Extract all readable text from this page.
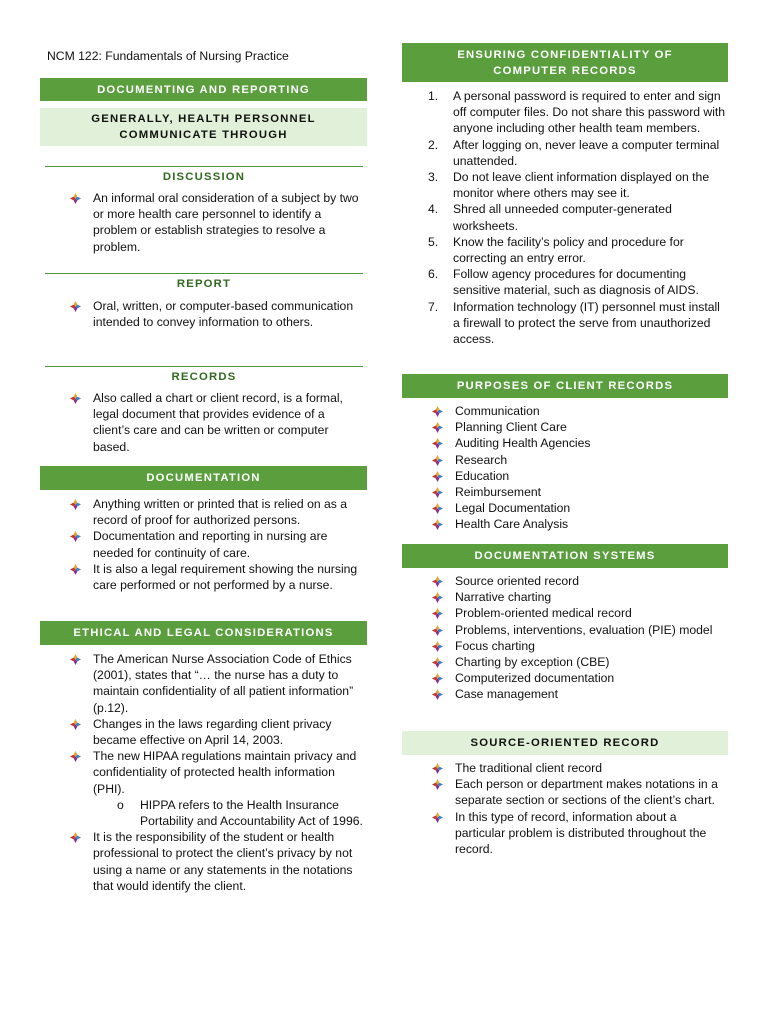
NCM 122: Fundamentals of Nursing Practice
DOCUMENTING AND REPORTING
GENERALLY, HEALTH PERSONNEL COMMUNICATE THROUGH
DISCUSSION
An informal oral consideration of a subject by two or more health care personnel to identify a problem or establish strategies to resolve a problem.
REPORT
Oral, written, or computer-based communication intended to convey information to others.
RECORDS
Also called a chart or client record, is a formal, legal document that provides evidence of a client’s care and can be written or computer based.
DOCUMENTATION
Anything written or printed that is relied on as a record of proof for authorized persons.
Documentation and reporting in nursing are needed for continuity of care.
It is also a legal requirement showing the nursing care performed or not performed by a nurse.
ETHICAL AND LEGAL CONSIDERATIONS
The American Nurse Association Code of Ethics (2001), states that “… the nurse has a duty to maintain confidentiality of all patient information” (p.12).
Changes in the laws regarding client privacy became effective on April 14, 2003.
The new HIPAA regulations maintain privacy and confidentiality of protected health information (PHI).
o HIPPA refers to the Health Insurance Portability and Accountability Act of 1996.
It is the responsibility of the student or health professional to protect the client’s privacy by not using a name or any statements in the notations that would identify the client.
ENSURING CONFIDENTIALITY OF COMPUTER RECORDS
1. A personal password is required to enter and sign off computer files. Do not share this password with anyone including other health team members.
2. After logging on, never leave a computer terminal unattended.
3. Do not leave client information displayed on the monitor where others may see it.
4. Shred all unneeded computer-generated worksheets.
5. Know the facility’s policy and procedure for correcting an entry error.
6. Follow agency procedures for documenting sensitive material, such as diagnosis of AIDS.
7. Information technology (IT) personnel must install a firewall to protect the serve from unauthorized access.
PURPOSES OF CLIENT RECORDS
Communication
Planning Client Care
Auditing Health Agencies
Research
Education
Reimbursement
Legal Documentation
Health Care Analysis
DOCUMENTATION SYSTEMS
Source oriented record
Narrative charting
Problem-oriented medical record
Problems, interventions, evaluation (PIE) model
Focus charting
Charting by exception (CBE)
Computerized documentation
Case management
SOURCE-ORIENTED RECORD
The traditional client record
Each person or department makes notations in a separate section or sections of the client’s chart.
In this type of record, information about a particular problem is distributed throughout the record.
